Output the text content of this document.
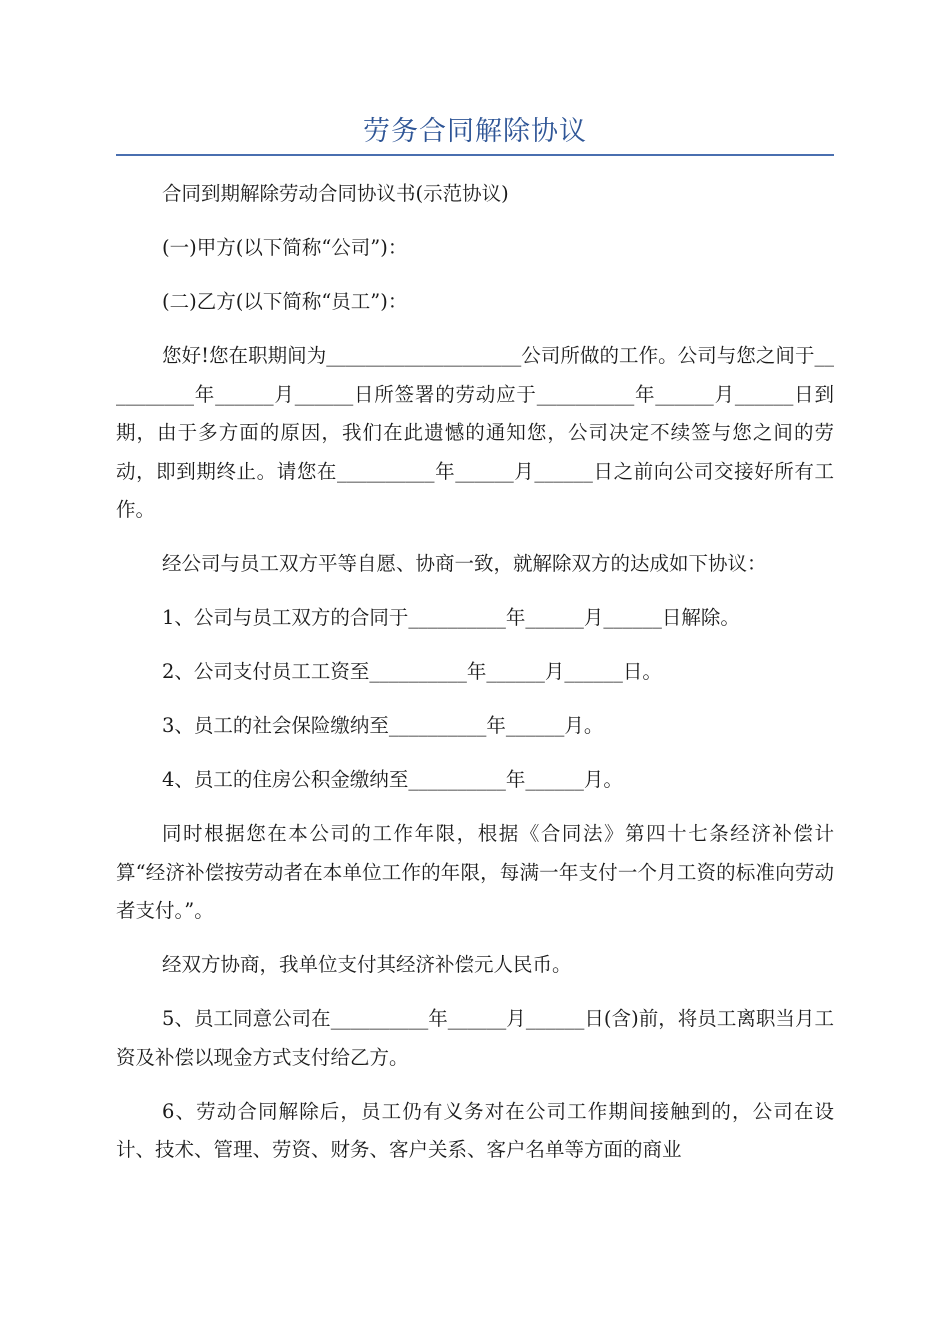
劳务合同解除协议

合同到期解除劳动合同协议书(示范协议)

(一)甲方(以下简称“公司”)：

(二)乙方(以下简称“员工”)：

您好!您在职期间为____________________公司所做的工作。公司与您之间于__________年______月______日所签署的劳动应于__________年______月______日到期，由于多方面的原因，我们在此遗憾的通知您，公司决定不续签与您之间的劳动，即到期终止。请您在__________年______月______日之前向公司交接好所有工作。

经公司与员工双方平等自愿、协商一致，就解除双方的达成如下协议：

1、公司与员工双方的合同于__________年______月______日解除。

2、公司支付员工工资至__________年______月______日。

3、员工的社会保险缴纳至__________年______月。

4、员工的住房公积金缴纳至__________年______月。

同时根据您在本公司的工作年限，根据《合同法》第四十七条经济补偿计算“经济补偿按劳动者在本单位工作的年限，每满一年支付一个月工资的标准向劳动者支付。”。

经双方协商，我单位支付其经济补偿元人民币。

5、员工同意公司在__________年______月______日(含)前，将员工离职当月工资及补偿以现金方式支付给乙方。

6、劳动合同解除后，员工仍有义务对在公司工作期间接触到的，公司在设计、技术、管理、劳资、财务、客户关系、客户名单等方面的商业
